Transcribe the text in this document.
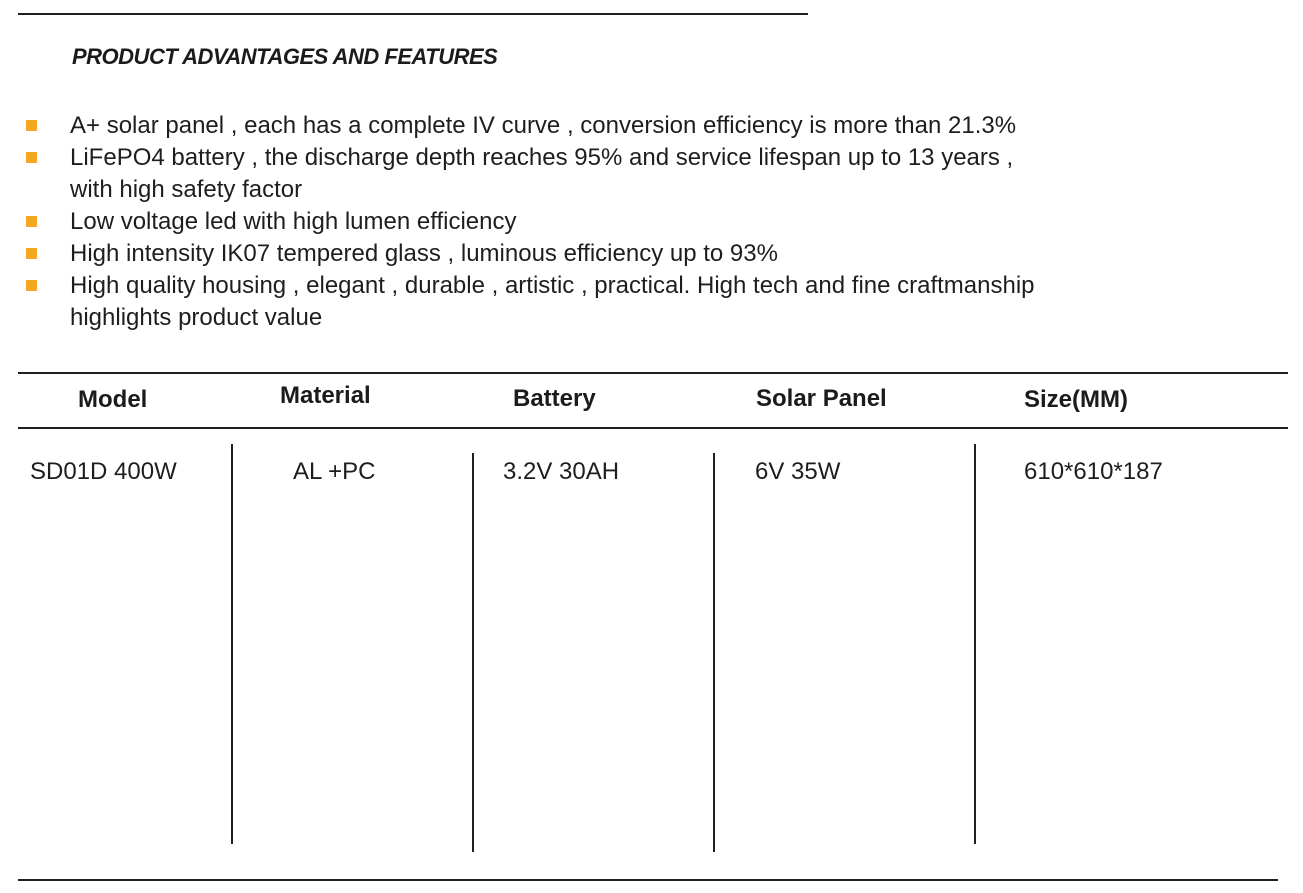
PRODUCT ADVANTAGES AND FEATURES
A+ solar panel , each has a complete IV curve , conversion efficiency is more than 21.3%
LiFePO4 battery , the discharge depth reaches 95% and service lifespan up to 13 years ,
with high safety factor
Low voltage led with high lumen efficiency
High intensity IK07 tempered glass , luminous efficiency up to 93%
High quality housing , elegant , durable , artistic , practical. High tech and fine craftmanship
highlights product value
Model	Material	Battery	Solar Panel	Size(MM)
SD01D 400W	AL +PC	3.2V 30AH	6V 35W	610*610*187
